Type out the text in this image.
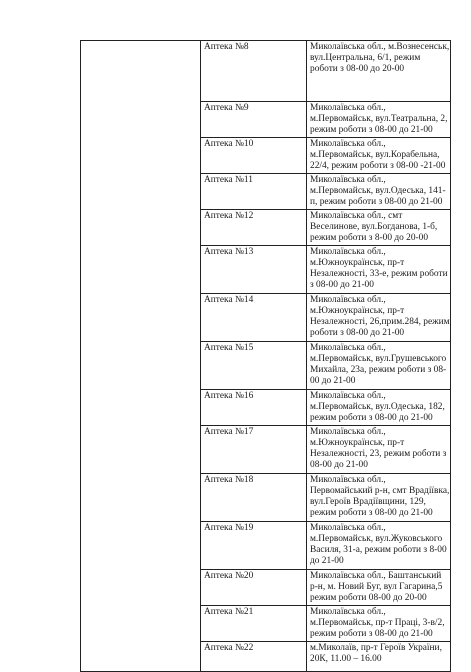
	Аптека №8	Миколаївська обл., м.Вознесенськ,
вул.Центральна, 6/1, режим
роботи з 08-00 до 20-00

	Аптека №9	Миколаївська обл.,
м.Первомайськ, вул.Театральна, 2,
режим роботи з 08-00 до 21-00

	Аптека №10	Миколаївська обл.,
м.Первомайськ, вул.Корабельна,
22/4, режим роботи з 08-00 -21-00

	Аптека №11	Миколаївська обл.,
м.Первомайськ, вул.Одеська, 141-
п, режим роботи з 08-00 до 21-00

	Аптека №12	Миколаївська обл., смт
Веселинове, вул.Богданова, 1-б,
режим роботи з 8-00 до 20-00

	Аптека №13	Миколаївська обл.,
м.Южноукраїнськ, пр-т
Незалежності, 33-е, режим роботи
з 08-00 до 21-00

	Аптека №14	Миколаївська обл.,
м.Южноукраїнськ, пр-т
Незалежності, 26,прим.284, режим
роботи з 08-00 до 21-00

	Аптека №15	Миколаївська обл.,
м.Первомайськ, вул.Грушевського
Михайла, 23а, режим роботи з 08-
00 до 21-00

	Аптека №16	Миколаївська обл.,
м.Первомайськ, вул.Одеська, 182,
режим роботи з 08-00 до 21-00

	Аптека №17	Миколаївська обл.,
м.Южноукраїнськ, пр-т
Незалежності, 23, режим роботи з
08-00 до 21-00

	Аптека №18	Миколаївська обл.,
Первомайський р-н, смт Врадіївка,
вул.Героїв Врадіївщини, 129,
режим роботи з 08-00 до 21-00

	Аптека №19	Миколаївська обл.,
м.Первомайськ, вул.Жуковського
Василя, 31-а, режим роботи з 8-00
до 21-00

	Аптека №20	Миколаївська обл., Баштанський
р-н, м. Новий Буг, вул Гагарина,5
режим роботи 08-00 до 20-00

	Аптека №21	Миколаївська обл.,
м.Первомайськ, пр-т Праці, 3-в/2,
режим роботи з 08-00 до 21-00

	Аптека №22	м.Миколаїв, пр-т Героїв України,
20К, 11.00 – 16.00
